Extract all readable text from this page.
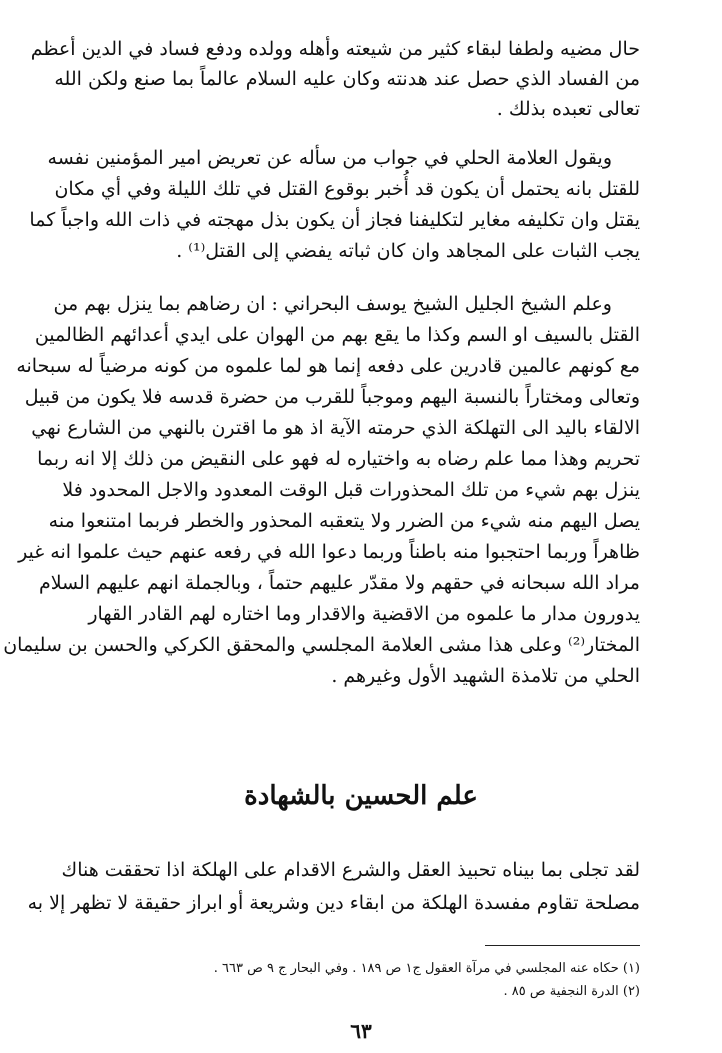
حال مضيه ولطفا لبقاء كثير من شيعته وأهله وولده ودفع فساد في الدين أعظم
من الفساد الذي حصل عند هدنته وكان عليه السلام عالماً بما صنع ولكن الله
تعالى تعبده بذلك .
ويقول العلامة الحلي في جواب من سأله عن تعريض امير المؤمنين نفسه
للقتل بانه يحتمل أن يكون قد أُخبر بوقوع القتل في تلك الليلة وفي أي مكان
يقتل وان تكليفه مغاير لتكليفنا فجاز أن يكون بذل مهجته في ذات الله واجباً كما
يجب الثبات على المجاهد وان كان ثباته يفضي إلى القتل⁽¹⁾ .
وعلم الشيخ الجليل الشيخ يوسف البحراني : ان رضاهم بما ينزل بهم من
القتل بالسيف او السم وكذا ما يقع بهم من الهوان على ايدي أعدائهم الظالمين
مع كونهم عالمين قادرين على دفعه إنما هو لما علموه من كونه مرضياً له سبحانه
وتعالى ومختاراً بالنسبة اليهم وموجباً للقرب من حضرة قدسه فلا يكون من قبيل
الالقاء باليد الى التهلكة الذي حرمته الآية اذ هو ما اقترن بالنهي من الشارع نهي
تحريم وهذا مما علم رضاه به واختياره له فهو على النقيض من ذلك إلا انه ربما
ينزل بهم شيء من تلك المحذورات قبل الوقت المعدود والاجل المحدود فلا
يصل اليهم منه شيء من الضرر ولا يتعقبه المحذور والخطر فربما امتنعوا منه
ظاهراً وربما احتجبوا منه باطناً وربما دعوا الله في رفعه عنهم حيث علموا انه غير
مراد الله سبحانه في حقهم ولا مقدّر عليهم حتماً ، وبالجملة انهم عليهم السلام
يدورون مدار ما علموه من الاقضية والاقدار وما اختاره لهم القادر القهار
المختار⁽²⁾ وعلى هذا مشى العلامة المجلسي والمحقق الكركي والحسن بن سليمان
الحلي من تلامذة الشهيد الأول وغيرهم .
علم الحسين بالشهادة
لقد تجلى بما بيناه تحبيذ العقل والشرع الاقدام على الهلكة اذا تحققت هناك
مصلحة تقاوم مفسدة الهلكة من ابقاء دين وشريعة أو ابراز حقيقة لا تظهر إلا به
(١) حكاه عنه المجلسي في مرآة العقول ج١ ص ١٨٩ . وفي البحار ج ٩ ص ٦٦٣ .
(٢) الدرة النجفية ص ٨٥ .
٦٣
